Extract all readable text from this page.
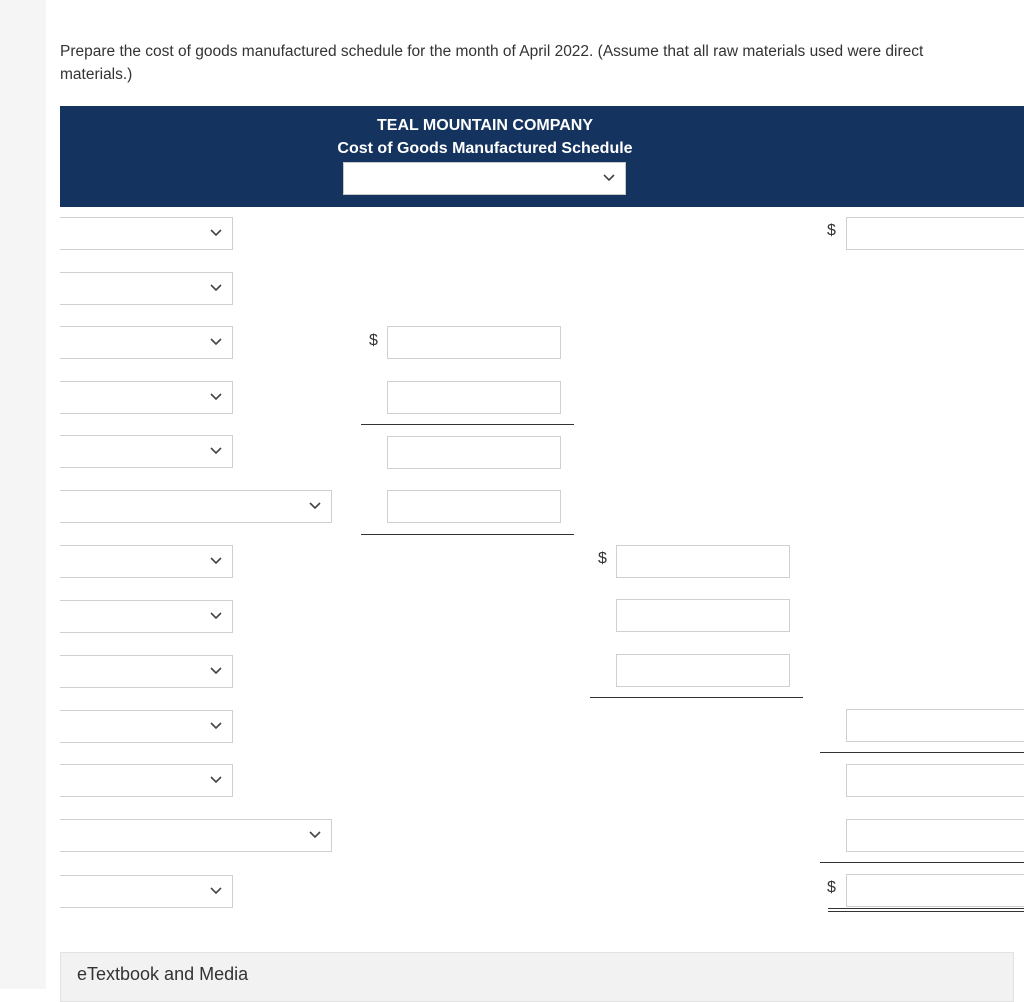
Prepare the cost of goods manufactured schedule for the month of April 2022. (Assume that all raw materials used were direct materials.)
TEAL MOUNTAIN COMPANY
Cost of Goods Manufactured Schedule
$
$
$
$
eTextbook and Media
